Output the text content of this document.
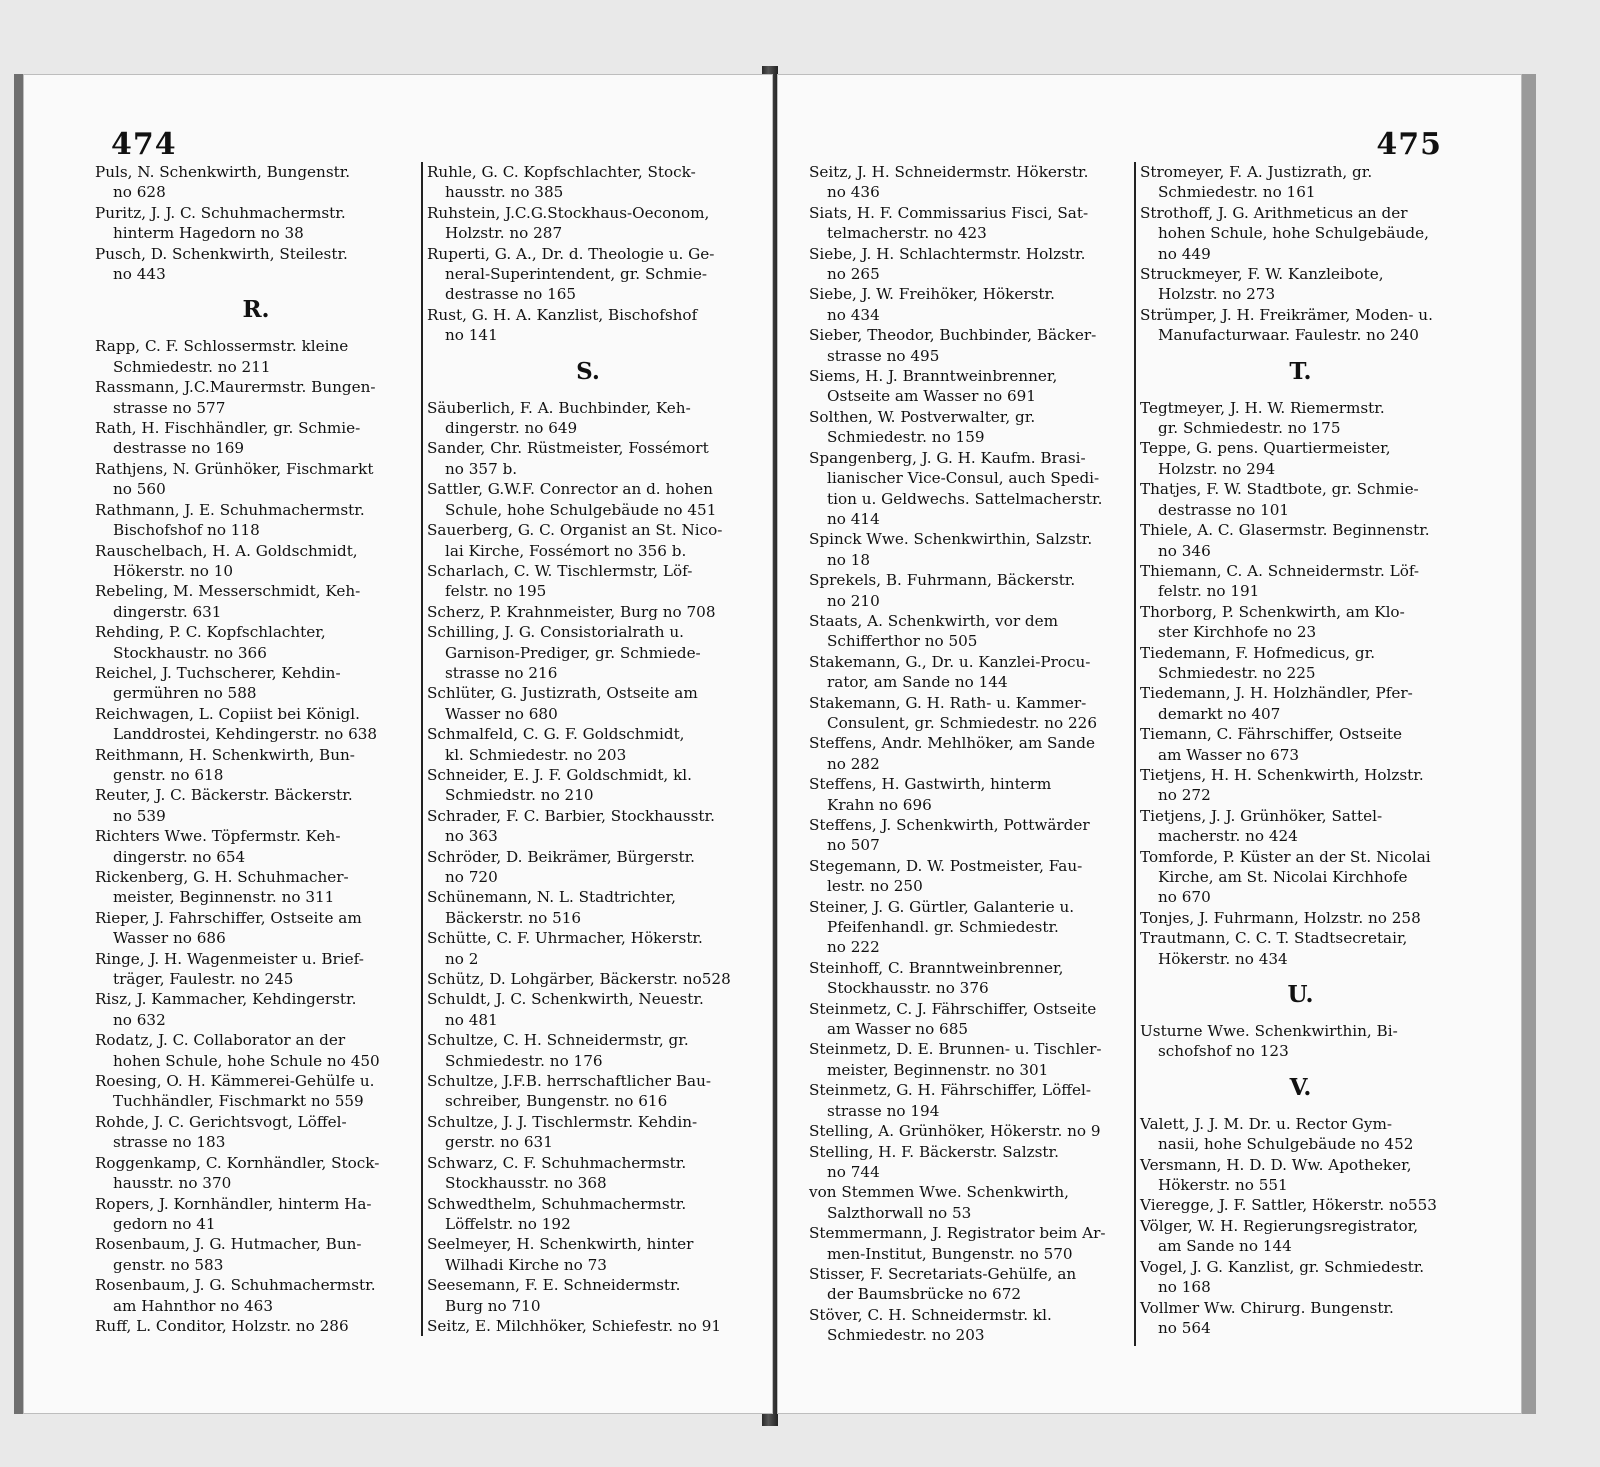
474
Puls, N. Schenkwirth, Bungenstr.
no 628
Puritz, J. J. C. Schuhmachermstr.
hinterm Hagedorn no 38
Pusch, D. Schenkwirth, Steilestr.
no 443
R.
Rapp, C. F. Schlossermstr. kleine
Schmiedestr. no 211
Rassmann, J.C.Maurermstr. Bungen-
strasse no 577
Rath, H. Fischhändler, gr. Schmie-
destrasse no 169
Rathjens, N. Grünhöker, Fischmarkt
no 560
Rathmann, J. E. Schuhmachermstr.
Bischofshof no 118
Rauschelbach, H. A. Goldschmidt,
Hökerstr. no 10
Rebeling, M. Messerschmidt, Keh-
dingerstr. 631
Rehding, P. C. Kopfschlachter,
Stockhaustr. no 366
Reichel, J. Tuchscherer, Kehdin-
germühren no 588
Reichwagen, L. Copiist bei Königl.
Landdrostei, Kehdingerstr. no 638
Reithmann, H. Schenkwirth, Bun-
genstr. no 618
Reuter, J. C. Bäckerstr. Bäckerstr.
no 539
Richters Wwe. Töpfermstr. Keh-
dingerstr. no 654
Rickenberg, G. H. Schuhmacher-
meister, Beginnenstr. no 311
Rieper, J. Fahrschiffer, Ostseite am
Wasser no 686
Ringe, J. H. Wagenmeister u. Brief-
träger, Faulestr. no 245
Risz, J. Kammacher, Kehdingerstr.
no 632
Rodatz, J. C. Collaborator an der
hohen Schule, hohe Schule no 450
Roesing, O. H. Kämmerei-Gehülfe u.
Tuchhändler, Fischmarkt no 559
Rohde, J. C. Gerichtsvogt, Löffel-
strasse no 183
Roggenkamp, C. Kornhändler, Stock-
hausstr. no 370
Ropers, J. Kornhändler, hinterm Ha-
gedorn no 41
Rosenbaum, J. G. Hutmacher, Bun-
genstr. no 583
Rosenbaum, J. G. Schuhmachermstr.
am Hahnthor no 463
Ruff, L. Conditor, Holzstr. no 286
Ruhle, G. C. Kopfschlachter, Stock-
hausstr. no 385
Ruhstein, J.C.G.Stockhaus-Oeconom,
Holzstr. no 287
Ruperti, G. A., Dr. d. Theologie u. Ge-
neral-Superintendent, gr. Schmie-
destrasse no 165
Rust, G. H. A. Kanzlist, Bischofshof
no 141
S.
Säuberlich, F. A. Buchbinder, Keh-
dingerstr. no 649
Sander, Chr. Rüstmeister, Fossémort
no 357 b.
Sattler, G.W.F. Conrector an d. hohen
Schule, hohe Schulgebäude no 451
Sauerberg, G. C. Organist an St. Nico-
lai Kirche, Fossémort no 356 b.
Scharlach, C. W. Tischlermstr, Löf-
felstr. no 195
Scherz, P. Krahnmeister, Burg no 708
Schilling, J. G. Consistorialrath u.
Garnison-Prediger, gr. Schmiede-
strasse no 216
Schlüter, G. Justizrath, Ostseite am
Wasser no 680
Schmalfeld, C. G. F. Goldschmidt,
kl. Schmiedestr. no 203
Schneider, E. J. F. Goldschmidt, kl.
Schmiedstr. no 210
Schrader, F. C. Barbier, Stockhausstr.
no 363
Schröder, D. Beikrämer, Bürgerstr.
no 720
Schünemann, N. L. Stadtrichter,
Bäckerstr. no 516
Schütte, C. F. Uhrmacher, Hökerstr.
no 2
Schütz, D. Lohgärber, Bäckerstr. no528
Schuldt, J. C. Schenkwirth, Neuestr.
no 481
Schultze, C. H. Schneidermstr, gr.
Schmiedestr. no 176
Schultze, J.F.B. herrschaftlicher Bau-
schreiber, Bungenstr. no 616
Schultze, J. J. Tischlermstr. Kehdin-
gerstr. no 631
Schwarz, C. F. Schuhmachermstr.
Stockhausstr. no 368
Schwedthelm, Schuhmachermstr.
Löffelstr. no 192
Seelmeyer, H. Schenkwirth, hinter
Wilhadi Kirche no 73
Seesemann, F. E. Schneidermstr.
Burg no 710
Seitz, E. Milchhöker, Schiefestr. no 91
475
Seitz, J. H. Schneidermstr. Hökerstr.
no 436
Siats, H. F. Commissarius Fisci, Sat-
telmacherstr. no 423
Siebe, J. H. Schlachtermstr. Holzstr.
no 265
Siebe, J. W. Freihöker, Hökerstr.
no 434
Sieber, Theodor, Buchbinder, Bäcker-
strasse no 495
Siems, H. J. Branntweinbrenner,
Ostseite am Wasser no 691
Solthen, W. Postverwalter, gr.
Schmiedestr. no 159
Spangenberg, J. G. H. Kaufm. Brasi-
lianischer Vice-Consul, auch Spedi-
tion u. Geldwechs. Sattelmacherstr.
no 414
Spinck Wwe. Schenkwirthin, Salzstr.
no 18
Sprekels, B. Fuhrmann, Bäckerstr.
no 210
Staats, A. Schenkwirth, vor dem
Schifferthor no 505
Stakemann, G., Dr. u. Kanzlei-Procu-
rator, am Sande no 144
Stakemann, G. H. Rath- u. Kammer-
Consulent, gr. Schmiedestr. no 226
Steffens, Andr. Mehlhöker, am Sande
no 282
Steffens, H. Gastwirth, hinterm
Krahn no 696
Steffens, J. Schenkwirth, Pottwärder
no 507
Stegemann, D. W. Postmeister, Fau-
lestr. no 250
Steiner, J. G. Gürtler, Galanterie u.
Pfeifenhandl. gr. Schmiedestr.
no 222
Steinhoff, C. Branntweinbrenner,
Stockhausstr. no 376
Steinmetz, C. J. Fährschiffer, Ostseite
am Wasser no 685
Steinmetz, D. E. Brunnen- u. Tischler-
meister, Beginnenstr. no 301
Steinmetz, G. H. Fährschiffer, Löffel-
strasse no 194
Stelling, A. Grünhöker, Hökerstr. no 9
Stelling, H. F. Bäckerstr. Salzstr.
no 744
von Stemmen Wwe. Schenkwirth,
Salzthorwall no 53
Stemmermann, J. Registrator beim Ar-
men-Institut, Bungenstr. no 570
Stisser, F. Secretariats-Gehülfe, an
der Baumsbrücke no 672
Stöver, C. H. Schneidermstr. kl.
Schmiedestr. no 203
Stromeyer, F. A. Justizrath, gr.
Schmiedestr. no 161
Strothoff, J. G. Arithmeticus an der
hohen Schule, hohe Schulgebäude,
no 449
Struckmeyer, F. W. Kanzleibote,
Holzstr. no 273
Strümper, J. H. Freikrämer, Moden- u.
Manufacturwaar. Faulestr. no 240
T.
Tegtmeyer, J. H. W. Riemermstr.
gr. Schmiedestr. no 175
Teppe, G. pens. Quartiermeister,
Holzstr. no 294
Thatjes, F. W. Stadtbote, gr. Schmie-
destrasse no 101
Thiele, A. C. Glasermstr. Beginnenstr.
no 346
Thiemann, C. A. Schneidermstr. Löf-
felstr. no 191
Thorborg, P. Schenkwirth, am Klo-
ster Kirchhofe no 23
Tiedemann, F. Hofmedicus, gr.
Schmiedestr. no 225
Tiedemann, J. H. Holzhändler, Pfer-
demarkt no 407
Tiemann, C. Fährschiffer, Ostseite
am Wasser no 673
Tietjens, H. H. Schenkwirth, Holzstr.
no 272
Tietjens, J. J. Grünhöker, Sattel-
macherstr. no 424
Tomforde, P. Küster an der St. Nicolai
Kirche, am St. Nicolai Kirchhofe
no 670
Tonjes, J. Fuhrmann, Holzstr. no 258
Trautmann, C. C. T. Stadtsecretair,
Hökerstr. no 434
U.
Usturne Wwe. Schenkwirthin, Bi-
schofshof no 123
V.
Valett, J. J. M. Dr. u. Rector Gym-
nasii, hohe Schulgebäude no 452
Versmann, H. D. D. Ww. Apotheker,
Hökerstr. no 551
Vieregge, J. F. Sattler, Hökerstr. no553
Völger, W. H. Regierungsregistrator,
am Sande no 144
Vogel, J. G. Kanzlist, gr. Schmiedestr.
no 168
Vollmer Ww. Chirurg. Bungenstr.
no 564
